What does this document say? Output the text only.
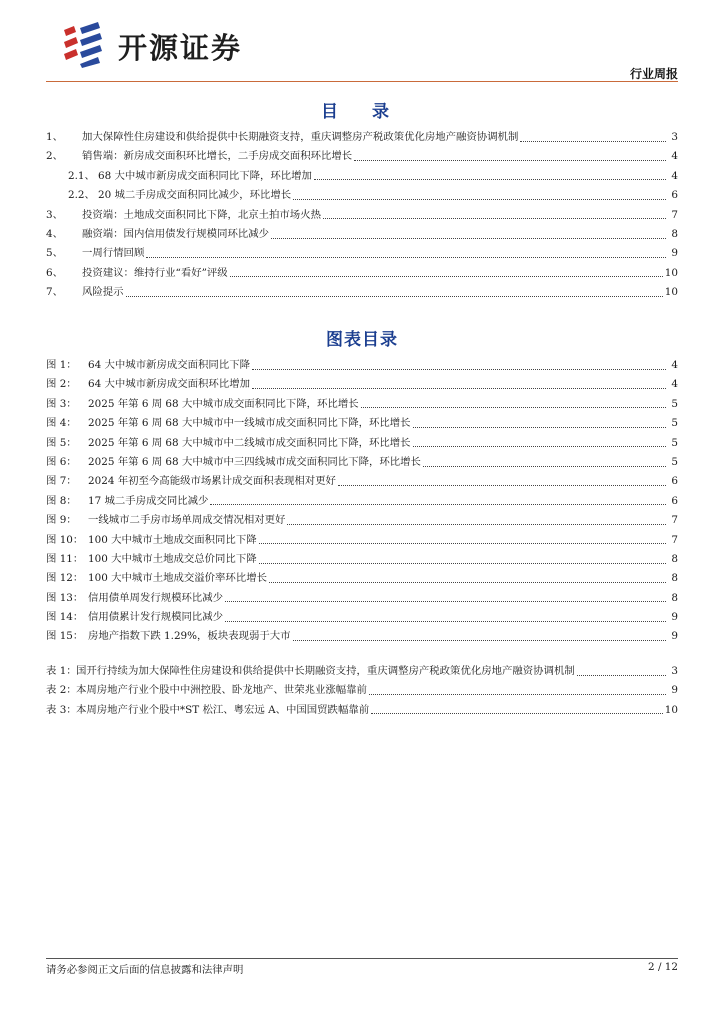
开源证券
行业周报
目 录
1、	加大保障性住房建设和供给提供中长期融资支持，重庆调整房产税政策优化房地产融资协调机制	3
2、	销售端：新房成交面积环比增长，二手房成交面积环比增长	4
2.1、 68 大中城市新房成交面积同比下降，环比增加	4
2.2、 20 城二手房成交面积同比减少，环比增长	6
3、	投资端：土地成交面积同比下降，北京土拍市场火热	7
4、	融资端：国内信用债发行规模同环比减少	8
5、	一周行情回顾	9
6、	投资建议：维持行业“看好”评级	10
7、	风险提示	10
图表目录
图 1：	64 大中城市新房成交面积同比下降	4
图 2：	64 大中城市新房成交面积环比增加	4
图 3：	2025 年第 6 周 68 大中城市成交面积同比下降，环比增长	5
图 4：	2025 年第 6 周 68 大中城市中一线城市成交面积同比下降，环比增长	5
图 5：	2025 年第 6 周 68 大中城市中二线城市成交面积同比下降，环比增长	5
图 6：	2025 年第 6 周 68 大中城市中三四线城市成交面积同比下降，环比增长	5
图 7：	2024 年初至今高能级市场累计成交面积表现相对更好	6
图 8：	17 城二手房成交同比减少	6
图 9：	一线城市二手房市场单周成交情况相对更好	7
图 10： 100 大中城市土地成交面积同比下降	7
图 11： 100 大中城市土地成交总价同比下降	8
图 12： 100 大中城市土地成交溢价率环比增长	8
图 13： 信用债单周发行规模环比减少	8
图 14： 信用债累计发行规模同比减少	9
图 15： 房地产指数下跌 1.29%，板块表现弱于大市	9
表 1： 国开行持续为加大保障性住房建设和供给提供中长期融资支持，重庆调整房产税政策优化房地产融资协调机制	3
表 2： 本周房地产行业个股中中洲控股、卧龙地产、世荣兆业涨幅靠前	9
表 3： 本周房地产行业个股中*ST 松江、粤宏远 A、中国国贸跌幅靠前	10
请务必参阅正文后面的信息披露和法律声明	2 / 12
